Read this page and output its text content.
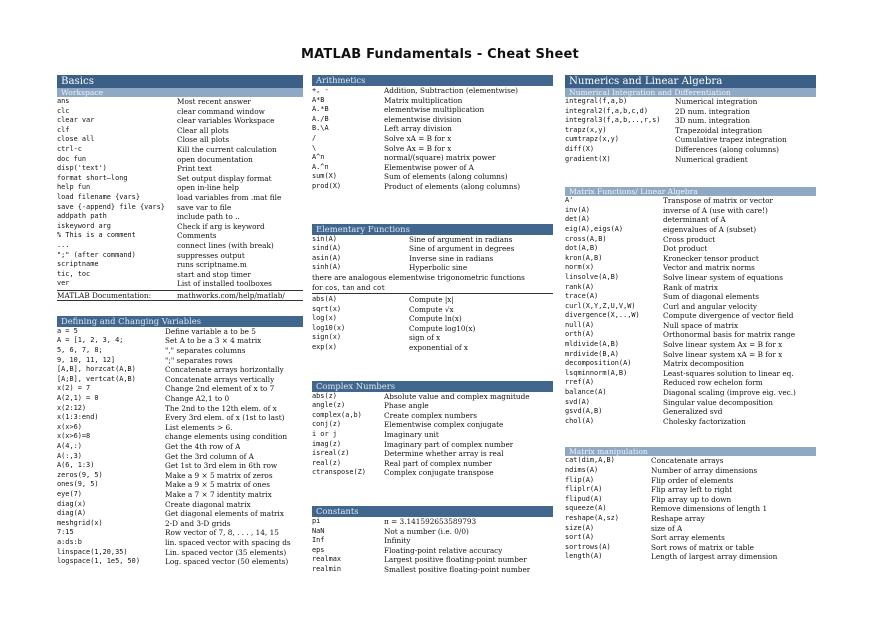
MATLAB Fundamentals - Cheat Sheet
Basics
Workspace
ans	Most recent answer
clc	clear command window
clear var	clear variables Workspace
clf	Clear all plots
close all	Close all plots
ctrl-c	Kill the current calculation
doc fun	open documentation
disp('text')	Print text
format short—long	Set output display format
help fun	open in-line help
load filename {vars}	load variables from .mat file
save {-append} file {vars}	save var to file
addpath path	include path to ..
iskeyword arg	Check if arg is keyword
% This is a comment	Comments
...	connect lines (with break)
";" (after command)	suppresses output
scriptname	runs scriptname.m
tic, toc	start and stop timer
ver	List of installed toolboxes
MATLAB Documentation:	mathworks.com/help/matlab/
Defining and Changing Variables
a = 5	Define variable a to be 5
A = [1, 2, 3, 4;	Set A to be a 3 × 4 matrix
5, 6, 7, 8;	"," separates columns
9, 10, 11, 12]	";" separates rows
[A,B], horzcat(A,B)	Concatenate arrays horizontally
[A;B], vertcat(A,B)	Concatenate arrays vertically
x(2) = 7	Change 2nd element of x to 7
A(2,1) = 0	Change A2,1 to 0
x(2:12)	The 2nd to the 12th elem. of x
x(1:3:end)	Every 3rd elem. of x (1st to last)
x(x>6)	List elements > 6.
x(x>6)=8	change elements using condition
A(4,:)	Get the 4th row of A
A(:,3)	Get the 3rd column of A
A(6, 1:3)	Get 1st to 3rd elem in 6th row
zeros(9, 5)	Make a 9 × 5 matrix of zeros
ones(9, 5)	Make a 9 × 5 matrix of ones
eye(7)	Make a 7 × 7 identity matrix
diag(x)	Create diagonal matrix
diag(A)	Get diagonal elements of matrix
meshgrid(x)	2-D and 3-D grids
7:15	Row vector of 7, 8, . . . , 14, 15
a:ds:b	lin. spaced vector with spacing ds
linspace(1,20,35)	Lin. spaced vector (35 elements)
logspace(1, 1e5, 50)	Log. spaced vector (50 elements)
Arithmetics
+, -	Addition, Subtraction (elementwise)
A*B	Matrix multiplication
A.*B	elementwise multiplication
A./B	elementwise division
B.\A	Left array division
/	Solve xA = B for x
\	Solve Ax = B for x
A^n	normal/(square) matrix power
A.^n	Elementwise power of A
sum(X)	Sum of elements (along columns)
prod(X)	Product of elements (along columns)
Elementary Functions
sin(A)	Sine of argument in radians
sind(A)	Sine of argument in degrees
asin(A)	Inverse sine in radians
sinh(A)	Hyperbolic sine
there are analogous elementwise trigonometric functions
for cos, tan and cot
abs(A)	Compute |x|
sqrt(x)	Compute √x
log(x)	Compute ln(x)
log10(x)	Compute log10(x)
sign(x)	sign of x
exp(x)	exponential of x
Complex Numbers
abs(z)	Absolute value and complex magnitude
angle(z)	Phase angle
complex(a,b)	Create complex numbers
conj(z)	Elementwise complex conjugate
i or j	Imaginary unit
imag(z)	Imaginary part of complex number
isreal(z)	Determine whether array is real
real(z)	Real part of complex number
ctranspose(Z)	Complex conjugate transpose
Constants
pi	π = 3.141592653589793
NaN	Not a number (i.e. 0/0)
Inf	Infinity
eps	Floating-point relative accuracy
realmax	Largest positive floating-point number
realmin	Smallest positive floating-point number
Numerics and Linear Algebra
Numerical Integration and Differentiation
integral(f,a,b)	Numerical integration
integral2(f,a,b,c,d)	2D num. integration
integral3(f,a,b,..,r,s)	3D num. integration
trapz(x,y)	Trapezoidal integration
cumtrapz(x,y)	Cumulative trapez integration
diff(X)	Differences (along columns)
gradient(X)	Numerical gradient
Matrix Functions/ Linear Algebra
A'	Transpose of matrix or vector
inv(A)	inverse of A (use with care!)
det(A)	determinant of A
eig(A),eigs(A)	eigenvalues of A (subset)
cross(A,B)	Cross product
dot(A,B)	Dot product
kron(A,B)	Kronecker tensor product
norm(x)	Vector and matrix norms
linsolve(A,B)	Solve linear system of equations
rank(A)	Rank of matrix
trace(A)	Sum of diagonal elements
curl(X,Y,Z,U,V,W)	Curl and angular velocity
divergence(X,..,W)	Compute divergence of vector field
null(A)	Null space of matrix
orth(A)	Orthonormal basis for matrix range
mldivide(A,B)	Solve linear system Ax = B for x
mrdivide(B,A)	Solve linear system xA = B for x
decomposition(A)	Matrix decomposition
lsqminnorm(A,B)	Least-squares solution to linear eq.
rref(A)	Reduced row echelon form
balance(A)	Diagonal scaling (improve eig. vec.)
svd(A)	Singular value decomposition
gsvd(A,B)	Generalized svd
chol(A)	Cholesky factorization
Matrix manipulation
cat(dim,A,B)	Concatenate arrays
ndims(A)	Number of array dimensions
flip(A)	Flip order of elements
fliplr(A)	Flip array left to right
flipud(A)	Flip array up to down
squeeze(A)	Remove dimensions of length 1
reshape(A,sz)	Reshape array
size(A)	size of A
sort(A)	Sort array elements
sortrows(A)	Sort rows of matrix or table
length(A)	Length of largest array dimension
